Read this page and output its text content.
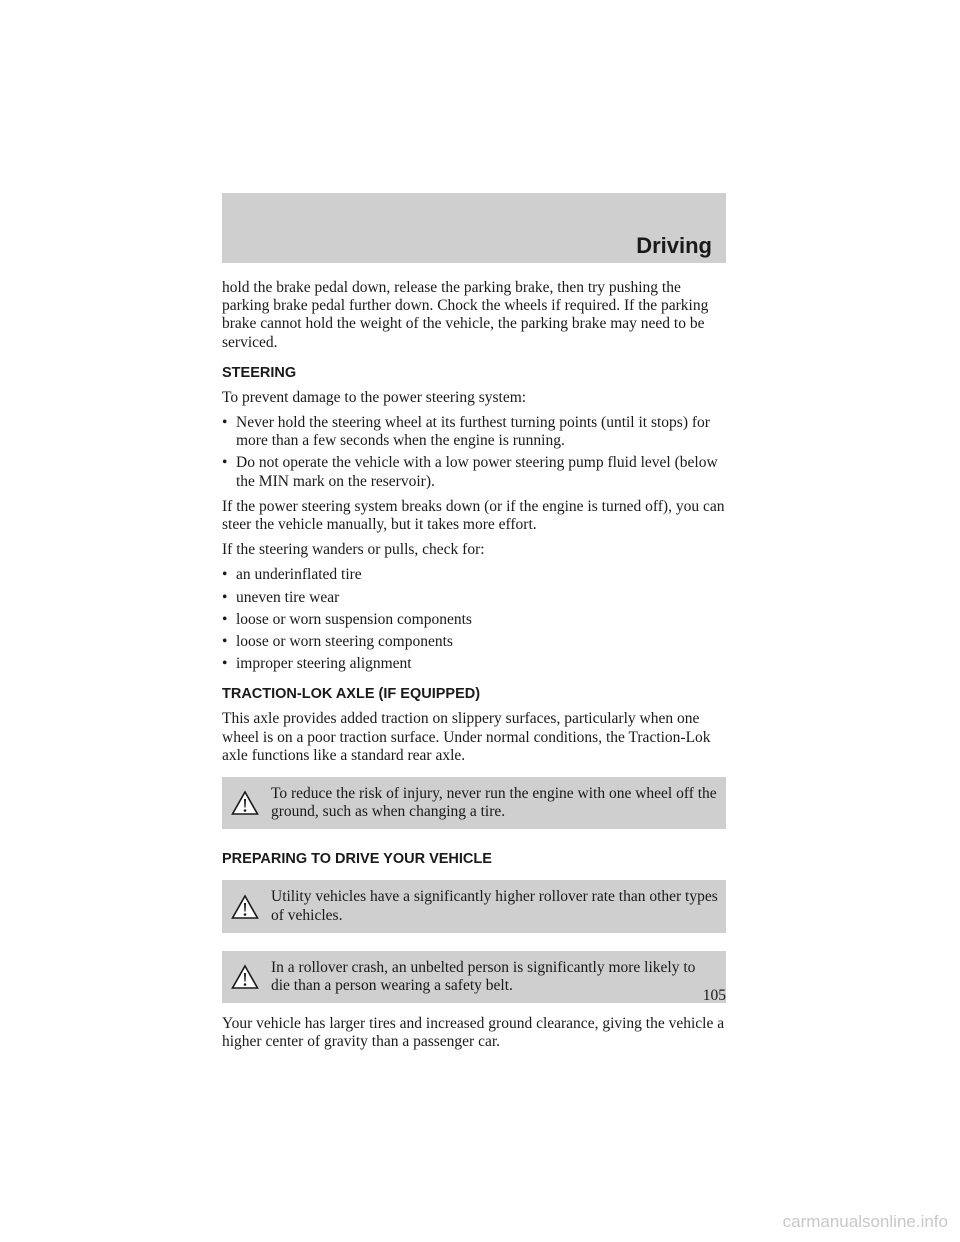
Driving

hold the brake pedal down, release the parking brake, then try pushing the parking brake pedal further down. Chock the wheels if required. If the parking brake cannot hold the weight of the vehicle, the parking brake may need to be serviced.

STEERING

To prevent damage to the power steering system:

• Never hold the steering wheel at its furthest turning points (until it stops) for more than a few seconds when the engine is running.
• Do not operate the vehicle with a low power steering pump fluid level (below the MIN mark on the reservoir).

If the power steering system breaks down (or if the engine is turned off), you can steer the vehicle manually, but it takes more effort.

If the steering wanders or pulls, check for:

• an underinflated tire
• uneven tire wear
• loose or worn suspension components
• loose or worn steering components
• improper steering alignment
TRACTION-LOK AXLE (IF EQUIPPED)

This axle provides added traction on slippery surfaces, particularly when one wheel is on a poor traction surface. Under normal conditions, the Traction-Lok axle functions like a standard rear axle.

To reduce the risk of injury, never run the engine with one wheel off the ground, such as when changing a tire.
PREPARING TO DRIVE YOUR VEHICLE
Utility vehicles have a significantly higher rollover rate than other types of vehicles.
In a rollover crash, an unbelted person is significantly more likely to die than a person wearing a safety belt.

Your vehicle has larger tires and increased ground clearance, giving the vehicle a higher center of gravity than a passenger car.

105
carmanualsonline.info
